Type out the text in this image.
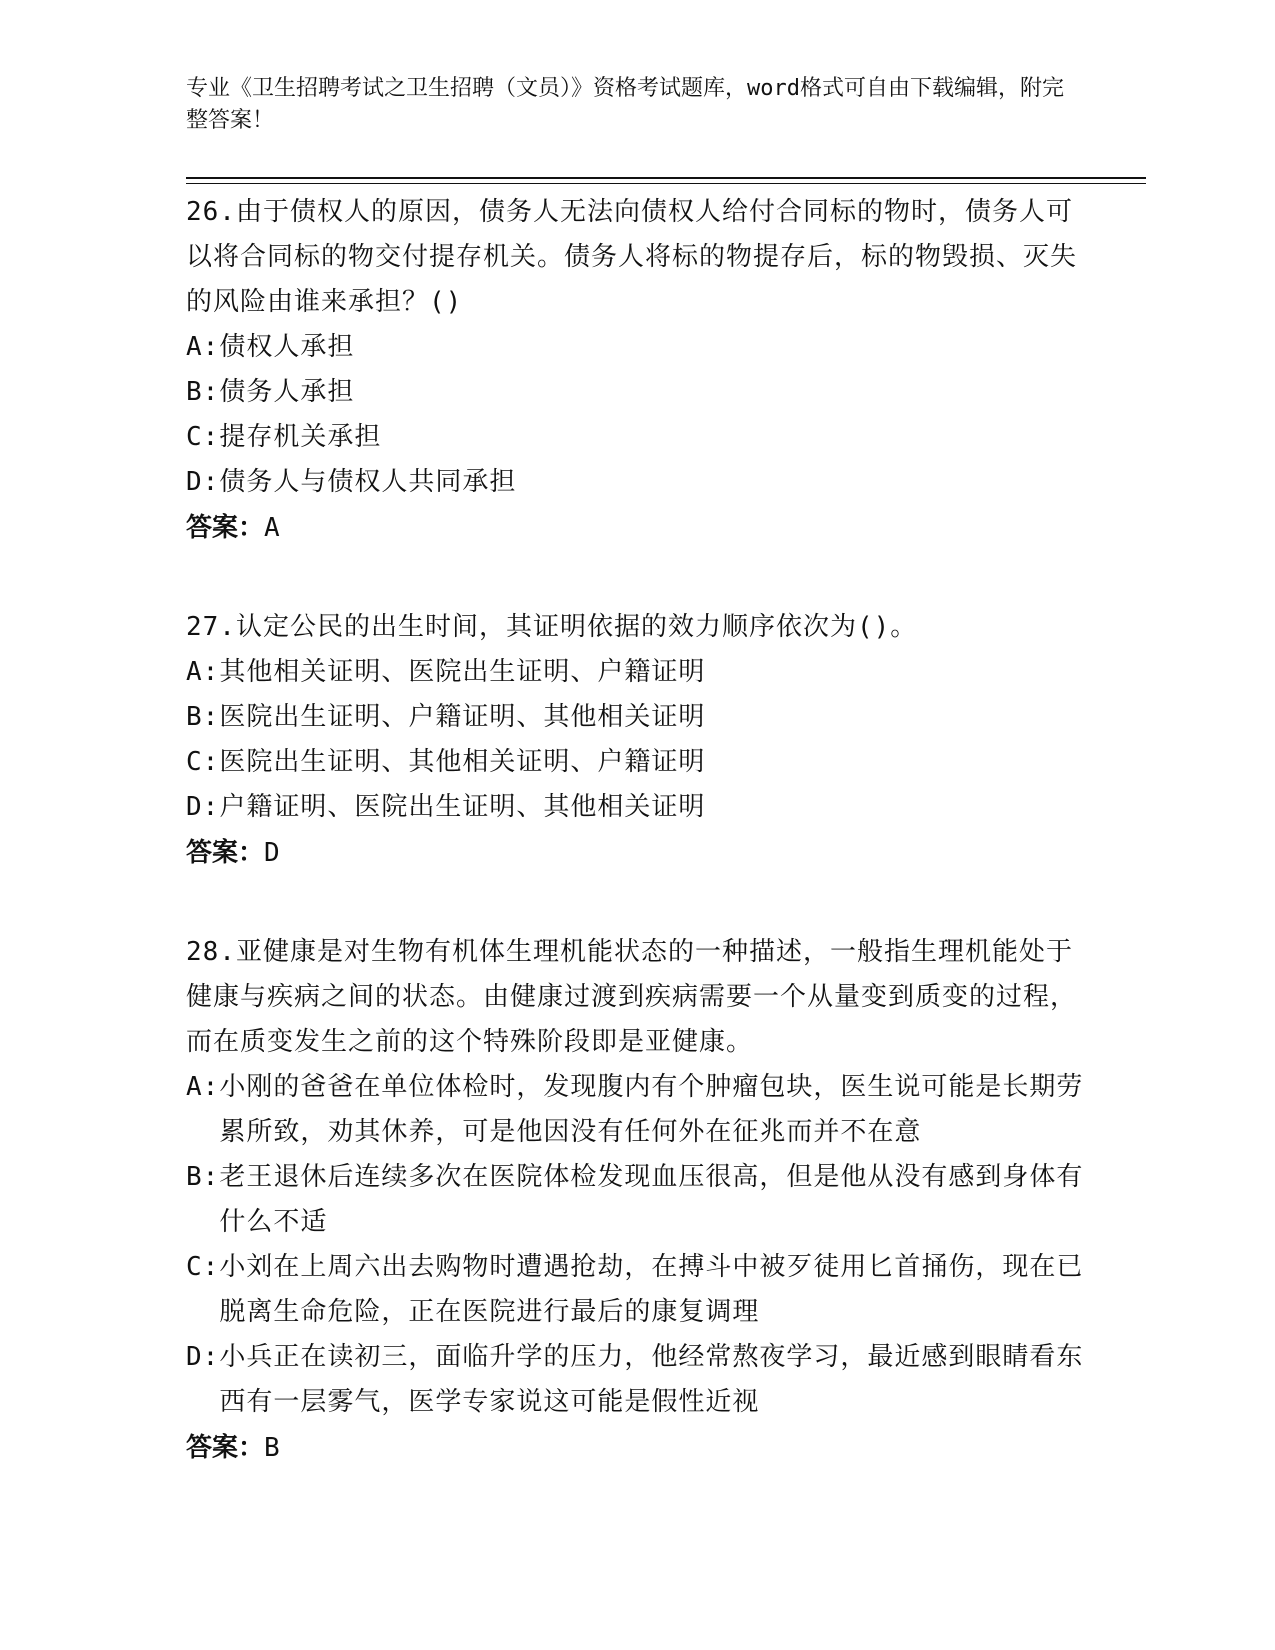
专业《卫生招聘考试之卫生招聘（文员）》资格考试题库，word格式可自由下载编辑，附完整答案！

26.由于债权人的原因，债务人无法向债权人给付合同标的物时，债务人可以将合同标的物交付提存机关。债务人将标的物提存后，标的物毁损、灭失的风险由谁来承担？()

A: 债权人承担

B: 债务人承担

C: 提存机关承担

D: 债务人与债权人共同承担

答案：A

27.认定公民的出生时间，其证明依据的效力顺序依次为()。

A: 其他相关证明、医院出生证明、户籍证明

B: 医院出生证明、户籍证明、其他相关证明

C: 医院出生证明、其他相关证明、户籍证明

D: 户籍证明、医院出生证明、其他相关证明

答案：D

28.亚健康是对生物有机体生理机能状态的一种描述，一般指生理机能处于健康与疾病之间的状态。由健康过渡到疾病需要一个从量变到质变的过程，而在质变发生之前的这个特殊阶段即是亚健康。

A: 小刚的爸爸在单位体检时，发现腹内有个肿瘤包块，医生说可能是长期劳累所致，劝其休养，可是他因没有任何外在征兆而并不在意

B: 老王退休后连续多次在医院体检发现血压很高，但是他从没有感到身体有什么不适

C: 小刘在上周六出去购物时遭遇抢劫，在搏斗中被歹徒用匕首捅伤，现在已脱离生命危险，正在医院进行最后的康复调理

D: 小兵正在读初三，面临升学的压力，他经常熬夜学习，最近感到眼睛看东西有一层雾气，医学专家说这可能是假性近视

答案：B
